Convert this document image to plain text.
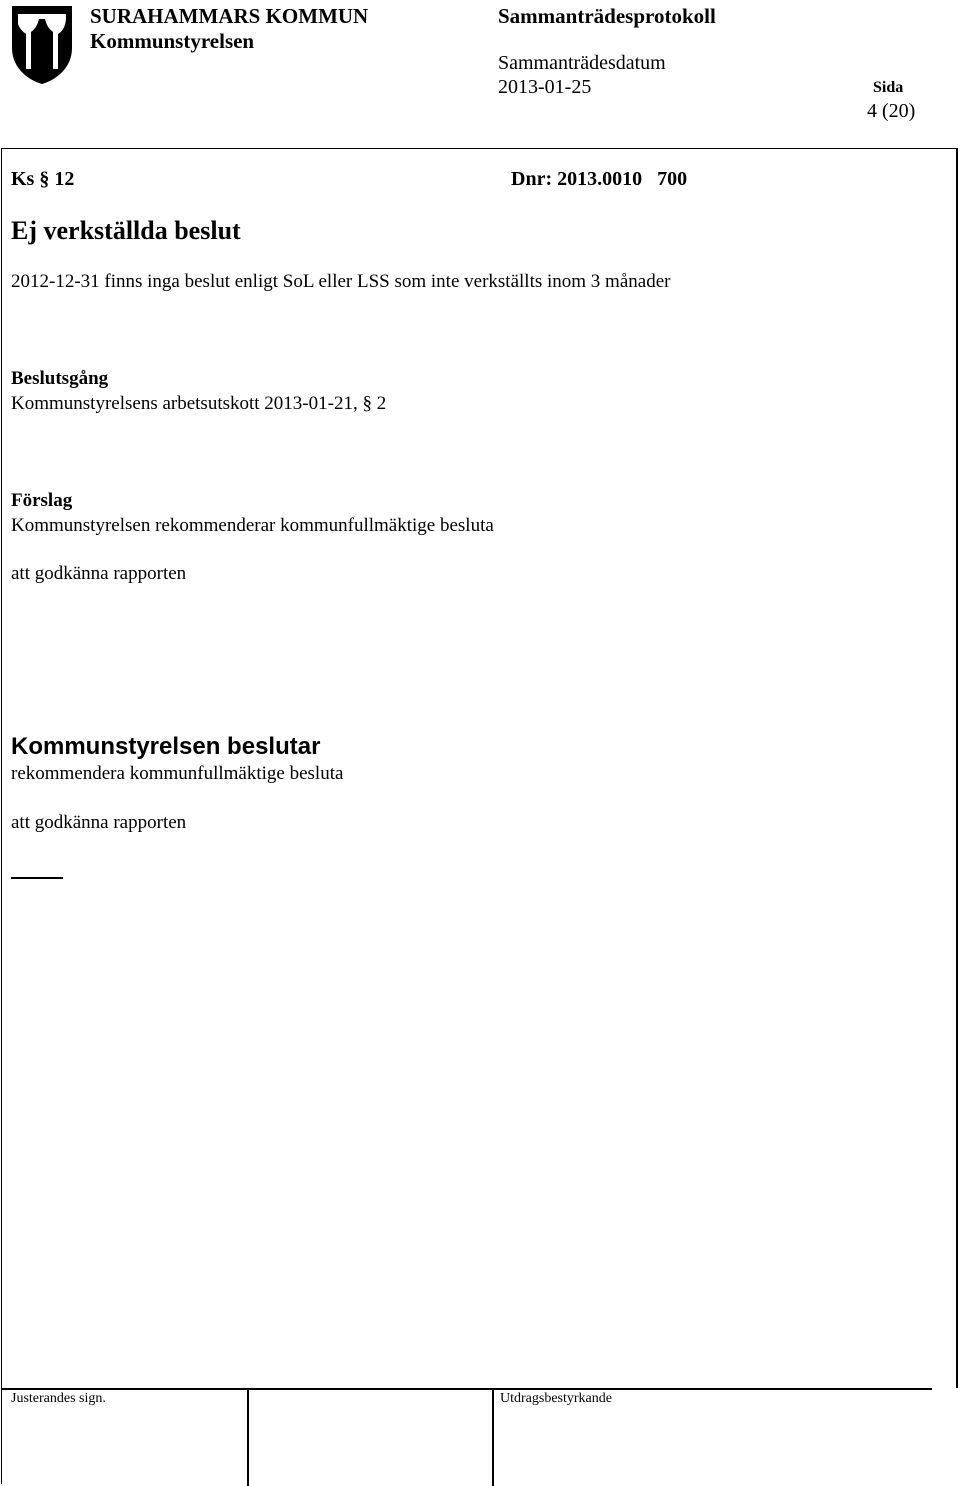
SURAHAMMARS KOMMUN
Kommunstyrelsen
Sammanträdesprotokoll
Sammanträdesdatum
2013-01-25	Sida
4 (20)
Ks § 12	Dnr: 2013.0010   700
Ej verkställda beslut
2012-12-31 finns inga beslut enligt SoL eller LSS som inte verkställts inom 3 månader
Beslutsgång
Kommunstyrelsens arbetsutskott 2013-01-21, § 2
Förslag
Kommunstyrelsen rekommenderar kommunfullmäktige besluta
att godkänna rapporten
Kommunstyrelsen beslutar
rekommendera kommunfullmäktige besluta
att godkänna rapporten
Justerandes sign.	Utdragsbestyrkande
